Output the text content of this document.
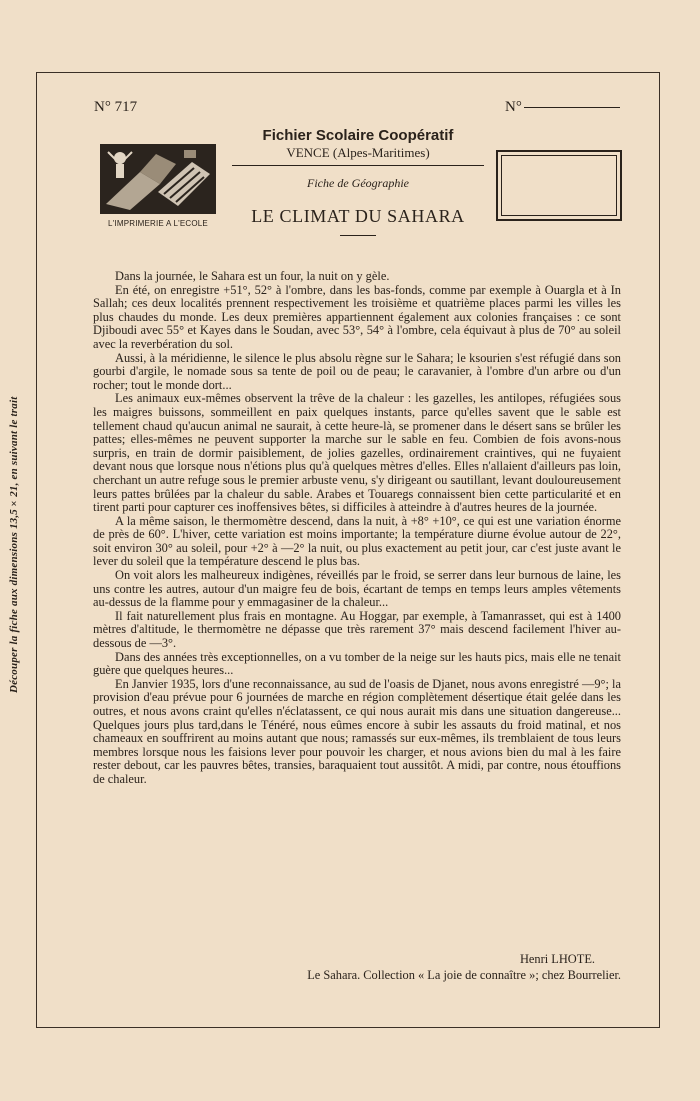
Découper la fiche aux dimensions 13,5×21, en suivant le trait
N° 717	N°
L'IMPRIMERIE A L'ECOLE
Fichier Scolaire Coopératif
VENCE (Alpes-Maritimes)
Fiche de Géographie
LE CLIMAT DU SAHARA

Dans la journée, le Sahara est un four, la nuit on y gèle.

En été, on enregistre +51°, 52° à l'ombre, dans les bas-fonds, comme par exemple à Ouargla et à In Sallah; ces deux localités prennent respectivement les troisième et quatrième places parmi les villes les plus chaudes du monde. Les deux premières appartiennent également aux colonies françaises : ce sont Djiboudi avec 55° et Kayes dans le Soudan, avec 53°, 54° à l'ombre, cela équivaut à plus de 70° au soleil avec la reverbération du sol.

Aussi, à la méridienne, le silence le plus absolu règne sur le Sahara; le ksourien s'est réfugié dans son gourbi d'argile, le nomade sous sa tente de poil ou de peau; le caravanier, à l'ombre d'un arbre ou d'un rocher; tout le monde dort...

Les animaux eux-mêmes observent la trêve de la chaleur : les gazelles, les antilopes, réfugiées sous les maigres buissons, sommeillent en paix quelques instants, parce qu'elles savent que le sable est tellement chaud qu'aucun animal ne saurait, à cette heure-là, se promener dans le désert sans se brûler les pattes; elles-mêmes ne peuvent supporter la marche sur le sable en feu. Combien de fois avons-nous surpris, en train de dormir paisiblement, de jolies gazelles, ordinairement craintives, qui ne fuyaient devant nous que lorsque nous n'étions plus qu'à quelques mètres d'elles. Elles n'allaient d'ailleurs pas loin, cherchant un autre refuge sous le premier arbuste venu, s'y dirigeant ou sautillant, levant douloureusement leurs pattes brûlées par la chaleur du sable. Arabes et Touaregs connaissent bien cette particularité et en tirent parti pour capturer ces inoffensives bêtes, si difficiles à atteindre à d'autres heures de la journée.

A la même saison, le thermomètre descend, dans la nuit, à +8° +10°, ce qui est une variation énorme de près de 60°. L'hiver, cette variation est moins importante; la température diurne évolue autour de 22°, soit environ 30° au soleil, pour +2° à —2° la nuit, ou plus exactement au petit jour, car c'est juste avant le lever du soleil que la température descend le plus bas.

On voit alors les malheureux indigènes, réveillés par le froid, se serrer dans leur burnous de laine, les uns contre les autres, autour d'un maigre feu de bois, écartant de temps en temps leurs amples vêtements au-dessus de la flamme pour y emmagasiner de la chaleur...

Il fait naturellement plus frais en montagne. Au Hoggar, par exemple, à Tamanrasset, qui est à 1400 mètres d'altitude, le thermomètre ne dépasse que très rarement 37° mais descend facilement l'hiver au-dessous de —3°.

Dans des années très exceptionnelles, on a vu tomber de la neige sur les hauts pics, mais elle ne tenait guère que quelques heures...

En Janvier 1935, lors d'une reconnaissance, au sud de l'oasis de Djanet, nous avons enregistré —9°; la provision d'eau prévue pour 6 journées de marche en région complètement désertique était gelée dans les outres, et nous avons craint qu'elles n'éclatassent, ce qui nous aurait mis dans une situation dangereuse... Quelques jours plus tard,dans le Ténéré, nous eûmes encore à subir les assauts du froid matinal, et nos chameaux en souffrirent au moins autant que nous; ramassés sur eux-mêmes, ils tremblaient de tous leurs membres lorsque nous les faisions lever pour pouvoir les charger, et nous avions bien du mal à les faire rester debout, car les pauvres bêtes, transies, baraquaient tout aussitôt. A midi, par contre, nous étouffions de chaleur.

Henri LHOTE.
Le Sahara. Collection « La joie de connaître »; chez Bourrelier.
